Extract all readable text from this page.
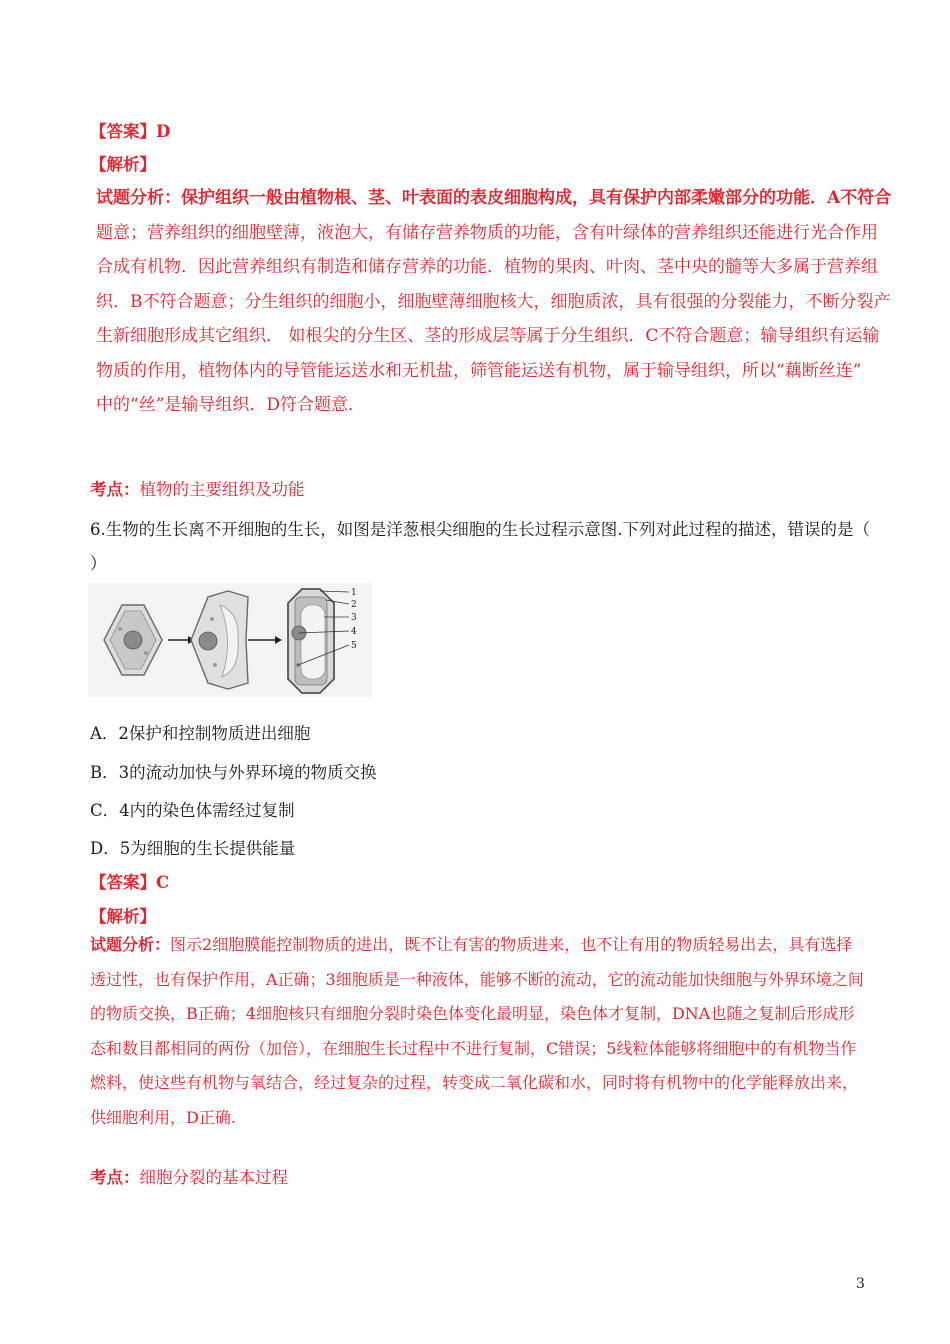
【答案】D
【解析】
试题分析：保护组织一般由植物根、茎、叶表面的表皮细胞构成，具有保护内部柔嫩部分的功能．A不符合
题意；营养组织的细胞壁薄，液泡大，有储存营养物质的功能，含有叶绿体的营养组织还能进行光合作用
合成有机物．因此营养组织有制造和储存营养的功能．植物的果肉、叶肉、茎中央的髓等大多属于营养组
织．B不符合题意；分生组织的细胞小，细胞壁薄细胞核大，细胞质浓，具有很强的分裂能力，不断分裂产
生新细胞形成其它组织． 如根尖的分生区、茎的形成层等属于分生组织．C不符合题意；输导组织有运输
物质的作用，植物体内的导管能运送水和无机盐，筛管能运送有机物，属于输导组织，所以“藕断丝连”
中的“丝”是输导组织．D符合题意．
考点：植物的主要组织及功能
6.生物的生长离不开细胞的生长，如图是洋葱根尖细胞的生长过程示意图.下列对此过程的描述，错误的是（
）
1
2
3
4
5
A．2保护和控制物质进出细胞
B．3的流动加快与外界环境的物质交换
C．4内的染色体需经过复制
D．5为细胞的生长提供能量
【答案】C
【解析】
试题分析：图示2细胞膜能控制物质的进出，既不让有害的物质进来，也不让有用的物质轻易出去，具有选择
透过性，也有保护作用，A正确；3细胞质是一种液体，能够不断的流动，它的流动能加快细胞与外界环境之间
的物质交换，B正确；4细胞核只有细胞分裂时染色体变化最明显，染色体才复制，DNA也随之复制后形成形
态和数目都相同的两份（加倍），在细胞生长过程中不进行复制，C错误；5线粒体能够将细胞中的有机物当作
燃料，使这些有机物与氧结合，经过复杂的过程，转变成二氧化碳和水，同时将有机物中的化学能释放出来，
供细胞利用，D正确.
考点：细胞分裂的基本过程
3
